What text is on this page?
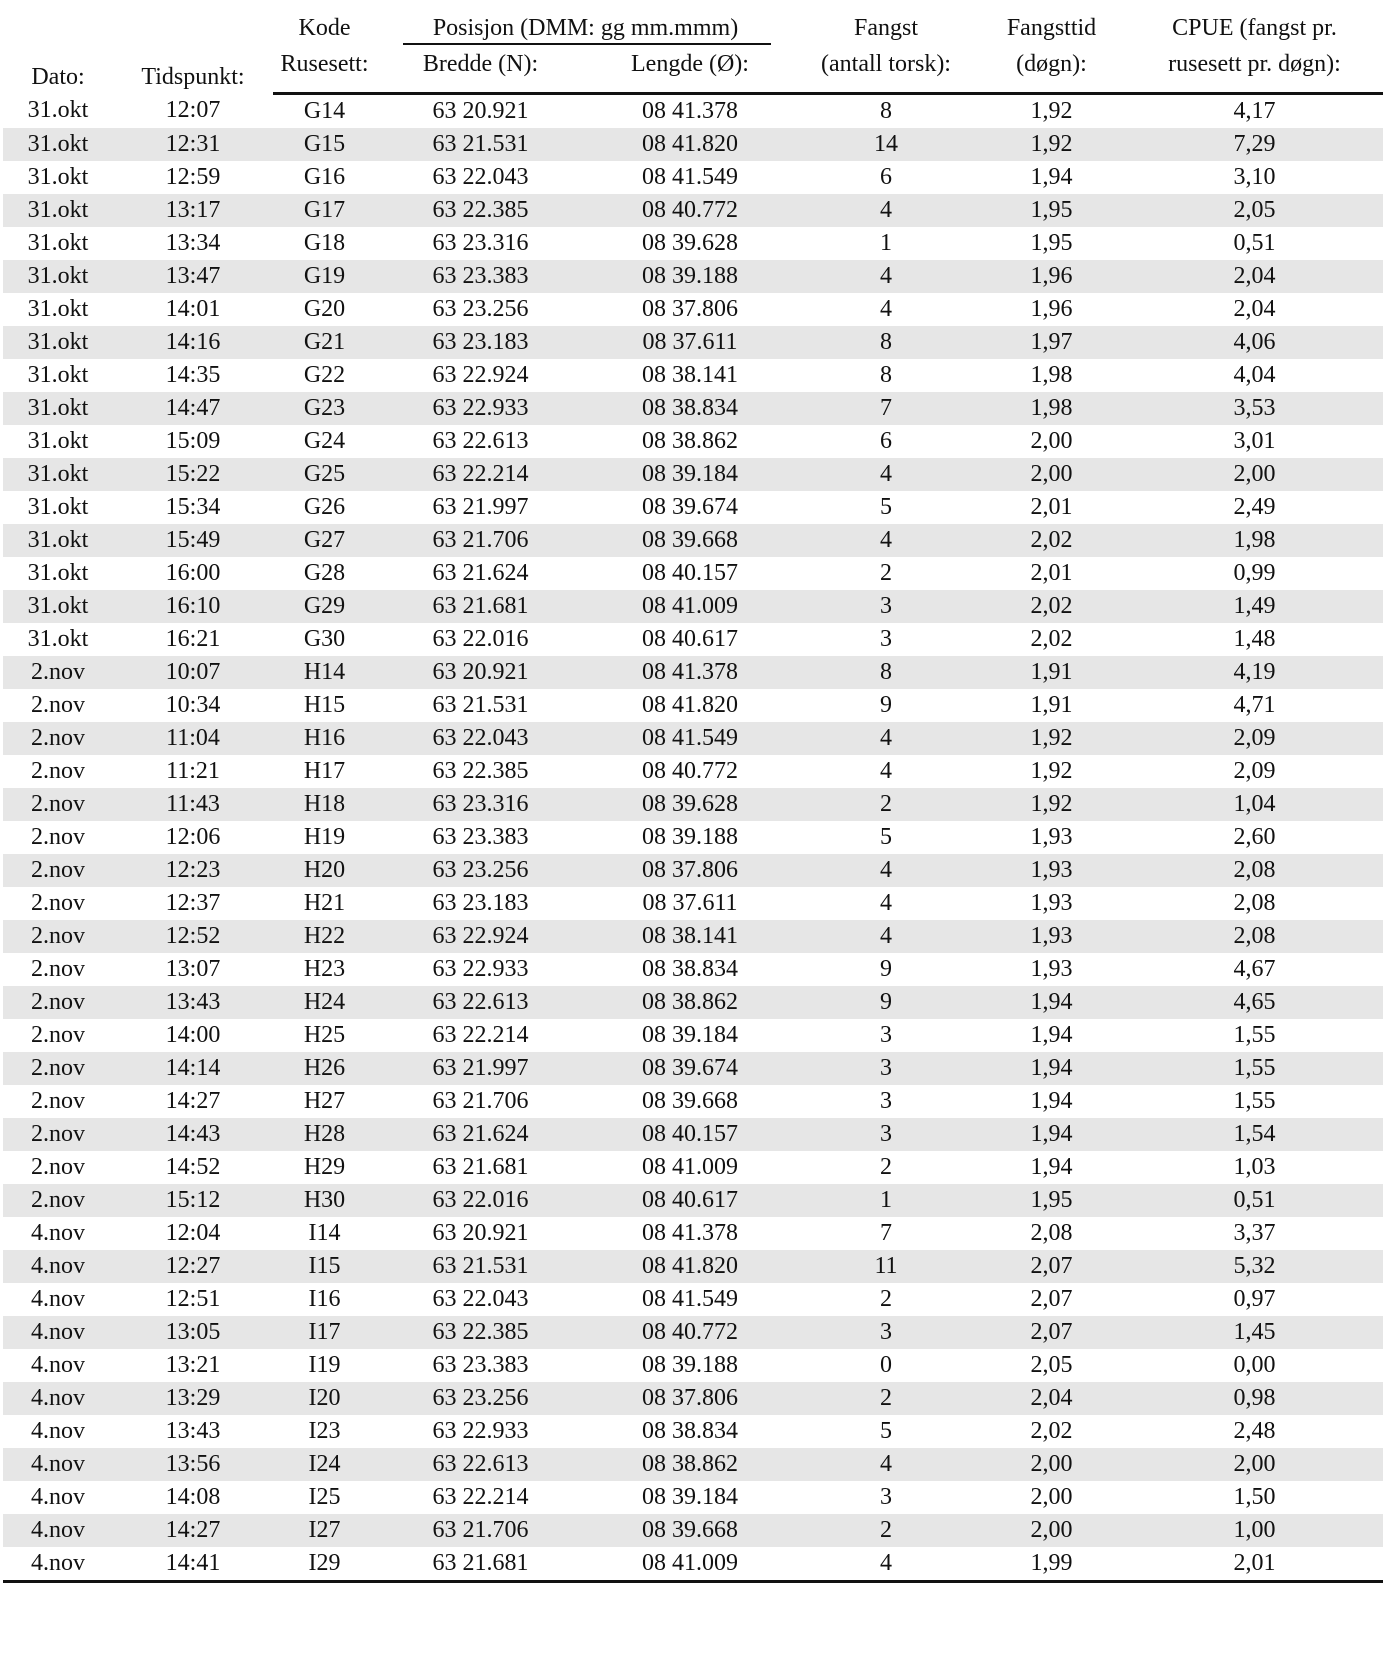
Dato:	Tidspunkt:	Kode	Posisjon (DMM: gg mm.mmm)		Fangst	Fangsttid	CPUE (fangst pr.
		Rusesett:	Bredde (N):	Lengde (Ø):	(antall torsk):	(døgn):	rusesett pr. døgn):
31.okt	12:07	G14	63 20.921	08 41.378	8	1,92	4,17
31.okt	12:31	G15	63 21.531	08 41.820	14	1,92	7,29
31.okt	12:59	G16	63 22.043	08 41.549	6	1,94	3,10
31.okt	13:17	G17	63 22.385	08 40.772	4	1,95	2,05
31.okt	13:34	G18	63 23.316	08 39.628	1	1,95	0,51
31.okt	13:47	G19	63 23.383	08 39.188	4	1,96	2,04
31.okt	14:01	G20	63 23.256	08 37.806	4	1,96	2,04
31.okt	14:16	G21	63 23.183	08 37.611	8	1,97	4,06
31.okt	14:35	G22	63 22.924	08 38.141	8	1,98	4,04
31.okt	14:47	G23	63 22.933	08 38.834	7	1,98	3,53
31.okt	15:09	G24	63 22.613	08 38.862	6	2,00	3,01
31.okt	15:22	G25	63 22.214	08 39.184	4	2,00	2,00
31.okt	15:34	G26	63 21.997	08 39.674	5	2,01	2,49
31.okt	15:49	G27	63 21.706	08 39.668	4	2,02	1,98
31.okt	16:00	G28	63 21.624	08 40.157	2	2,01	0,99
31.okt	16:10	G29	63 21.681	08 41.009	3	2,02	1,49
31.okt	16:21	G30	63 22.016	08 40.617	3	2,02	1,48
2.nov	10:07	H14	63 20.921	08 41.378	8	1,91	4,19
2.nov	10:34	H15	63 21.531	08 41.820	9	1,91	4,71
2.nov	11:04	H16	63 22.043	08 41.549	4	1,92	2,09
2.nov	11:21	H17	63 22.385	08 40.772	4	1,92	2,09
2.nov	11:43	H18	63 23.316	08 39.628	2	1,92	1,04
2.nov	12:06	H19	63 23.383	08 39.188	5	1,93	2,60
2.nov	12:23	H20	63 23.256	08 37.806	4	1,93	2,08
2.nov	12:37	H21	63 23.183	08 37.611	4	1,93	2,08
2.nov	12:52	H22	63 22.924	08 38.141	4	1,93	2,08
2.nov	13:07	H23	63 22.933	08 38.834	9	1,93	4,67
2.nov	13:43	H24	63 22.613	08 38.862	9	1,94	4,65
2.nov	14:00	H25	63 22.214	08 39.184	3	1,94	1,55
2.nov	14:14	H26	63 21.997	08 39.674	3	1,94	1,55
2.nov	14:27	H27	63 21.706	08 39.668	3	1,94	1,55
2.nov	14:43	H28	63 21.624	08 40.157	3	1,94	1,54
2.nov	14:52	H29	63 21.681	08 41.009	2	1,94	1,03
2.nov	15:12	H30	63 22.016	08 40.617	1	1,95	0,51
4.nov	12:04	I14	63 20.921	08 41.378	7	2,08	3,37
4.nov	12:27	I15	63 21.531	08 41.820	11	2,07	5,32
4.nov	12:51	I16	63 22.043	08 41.549	2	2,07	0,97
4.nov	13:05	I17	63 22.385	08 40.772	3	2,07	1,45
4.nov	13:21	I19	63 23.383	08 39.188	0	2,05	0,00
4.nov	13:29	I20	63 23.256	08 37.806	2	2,04	0,98
4.nov	13:43	I23	63 22.933	08 38.834	5	2,02	2,48
4.nov	13:56	I24	63 22.613	08 38.862	4	2,00	2,00
4.nov	14:08	I25	63 22.214	08 39.184	3	2,00	1,50
4.nov	14:27	I27	63 21.706	08 39.668	2	2,00	1,00
4.nov	14:41	I29	63 21.681	08 41.009	4	1,99	2,01
